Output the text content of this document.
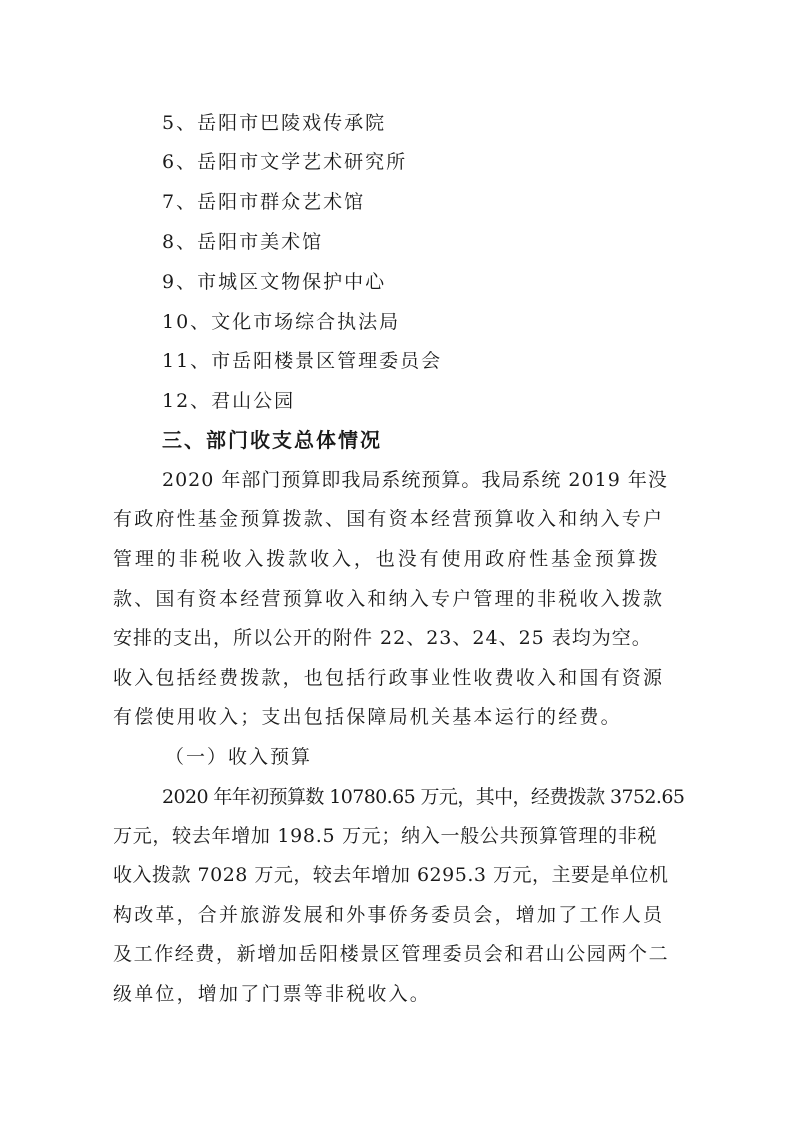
5、岳阳市巴陵戏传承院
6、岳阳市文学艺术研究所
7、岳阳市群众艺术馆
8、岳阳市美术馆
9、市城区文物保护中心
10、文化市场综合执法局
11、市岳阳楼景区管理委员会
12、君山公园
三、部门收支总体情况
2020 年部门预算即我局系统预算。我局系统 2019 年没
有政府性基金预算拨款、国有资本经营预算收入和纳入专户
管理的非税收入拨款收入，也没有使用政府性基金预算拨
款、国有资本经营预算收入和纳入专户管理的非税收入拨款
安排的支出，所以公开的附件 22、23、24、25 表均为空。
收入包括经费拨款，也包括行政事业性收费收入和国有资源
有偿使用收入；支出包括保障局机关基本运行的经费。
（一）收入预算
2020 年年初预算数 10780.65 万元，其中，经费拨款 3752.65
万元，较去年增加 198.5 万元；纳入一般公共预算管理的非税
收入拨款 7028 万元，较去年增加 6295.3 万元，主要是单位机
构改革，合并旅游发展和外事侨务委员会，增加了工作人员
及工作经费，新增加岳阳楼景区管理委员会和君山公园两个二
级单位，增加了门票等非税收入。
